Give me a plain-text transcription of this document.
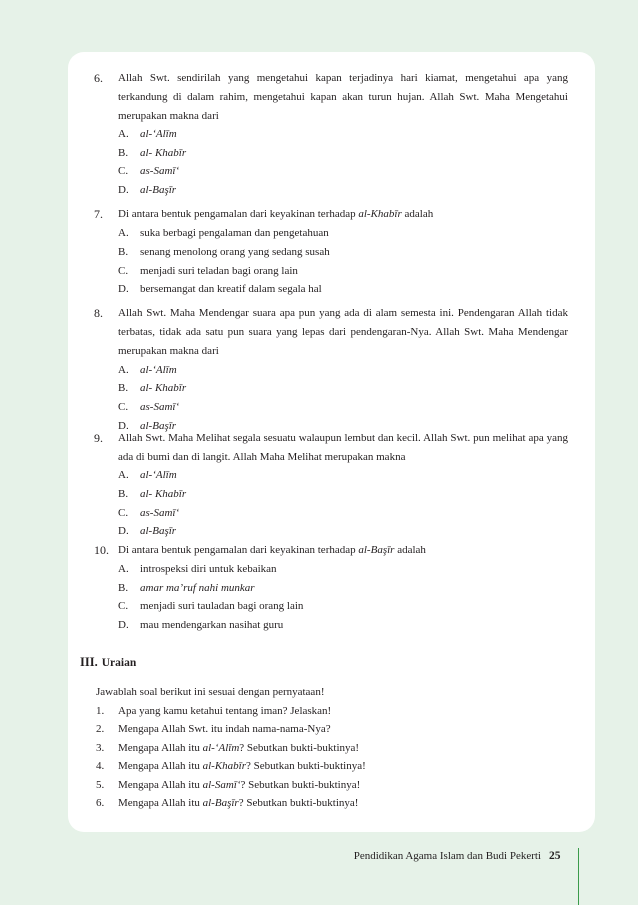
6. Allah Swt. sendirilah yang mengetahui kapan terjadinya hari kiamat, mengetahui apa yang terkandung di dalam rahim, mengetahui kapan akan turun hujan. Allah Swt. Maha Mengetahui merupakan makna dari
A. al-‘Alīm
B. al- Khabīr
C. as-Samī‘
D. al-Başīr
7. Di antara bentuk pengamalan dari keyakinan terhadap al-Khabīr adalah
A. suka berbagi pengalaman dan pengetahuan
B. senang menolong orang yang sedang susah
C. menjadi suri teladan bagi orang lain
D. bersemangat dan kreatif dalam segala hal
8. Allah Swt. Maha Mendengar suara apa pun yang ada di alam semesta ini. Pendengaran Allah tidak terbatas, tidak ada satu pun suara yang lepas dari pendengaran-Nya. Allah Swt. Maha Mendengar merupakan makna dari
A. al-‘Alīm
B. al- Khabīr
C. as-Samī‘
D. al-Başīr
9. Allah Swt. Maha Melihat segala sesuatu walaupun lembut dan kecil. Allah Swt. pun melihat apa yang ada di bumi dan di langit. Allah Maha Melihat merupakan makna
A. al-‘Alīm
B. al- Khabīr
C. as-Samī‘
D. al-Başīr
10. Di antara bentuk pengamalan dari keyakinan terhadap al-Başīr adalah
A. introspeksi diri untuk kebaikan
B. amar ma’ruf nahi munkar
C. menjadi suri tauladan bagi orang lain
D. mau mendengarkan nasihat guru
III. Uraian
Jawablah soal berikut ini sesuai dengan pernyataan!
1. Apa yang kamu ketahui tentang iman? Jelaskan!
2. Mengapa Allah Swt. itu indah nama-nama-Nya?
3. Mengapa Allah itu al-‘Alīm? Sebutkan bukti-buktinya!
4. Mengapa Allah itu al-Khabīr? Sebutkan bukti-buktinya!
5. Mengapa Allah itu al-Samī‘? Sebutkan bukti-buktinya!
6. Mengapa Allah itu al-Başīr? Sebutkan bukti-buktinya!
Pendidikan Agama Islam dan Budi Pekerti 25
